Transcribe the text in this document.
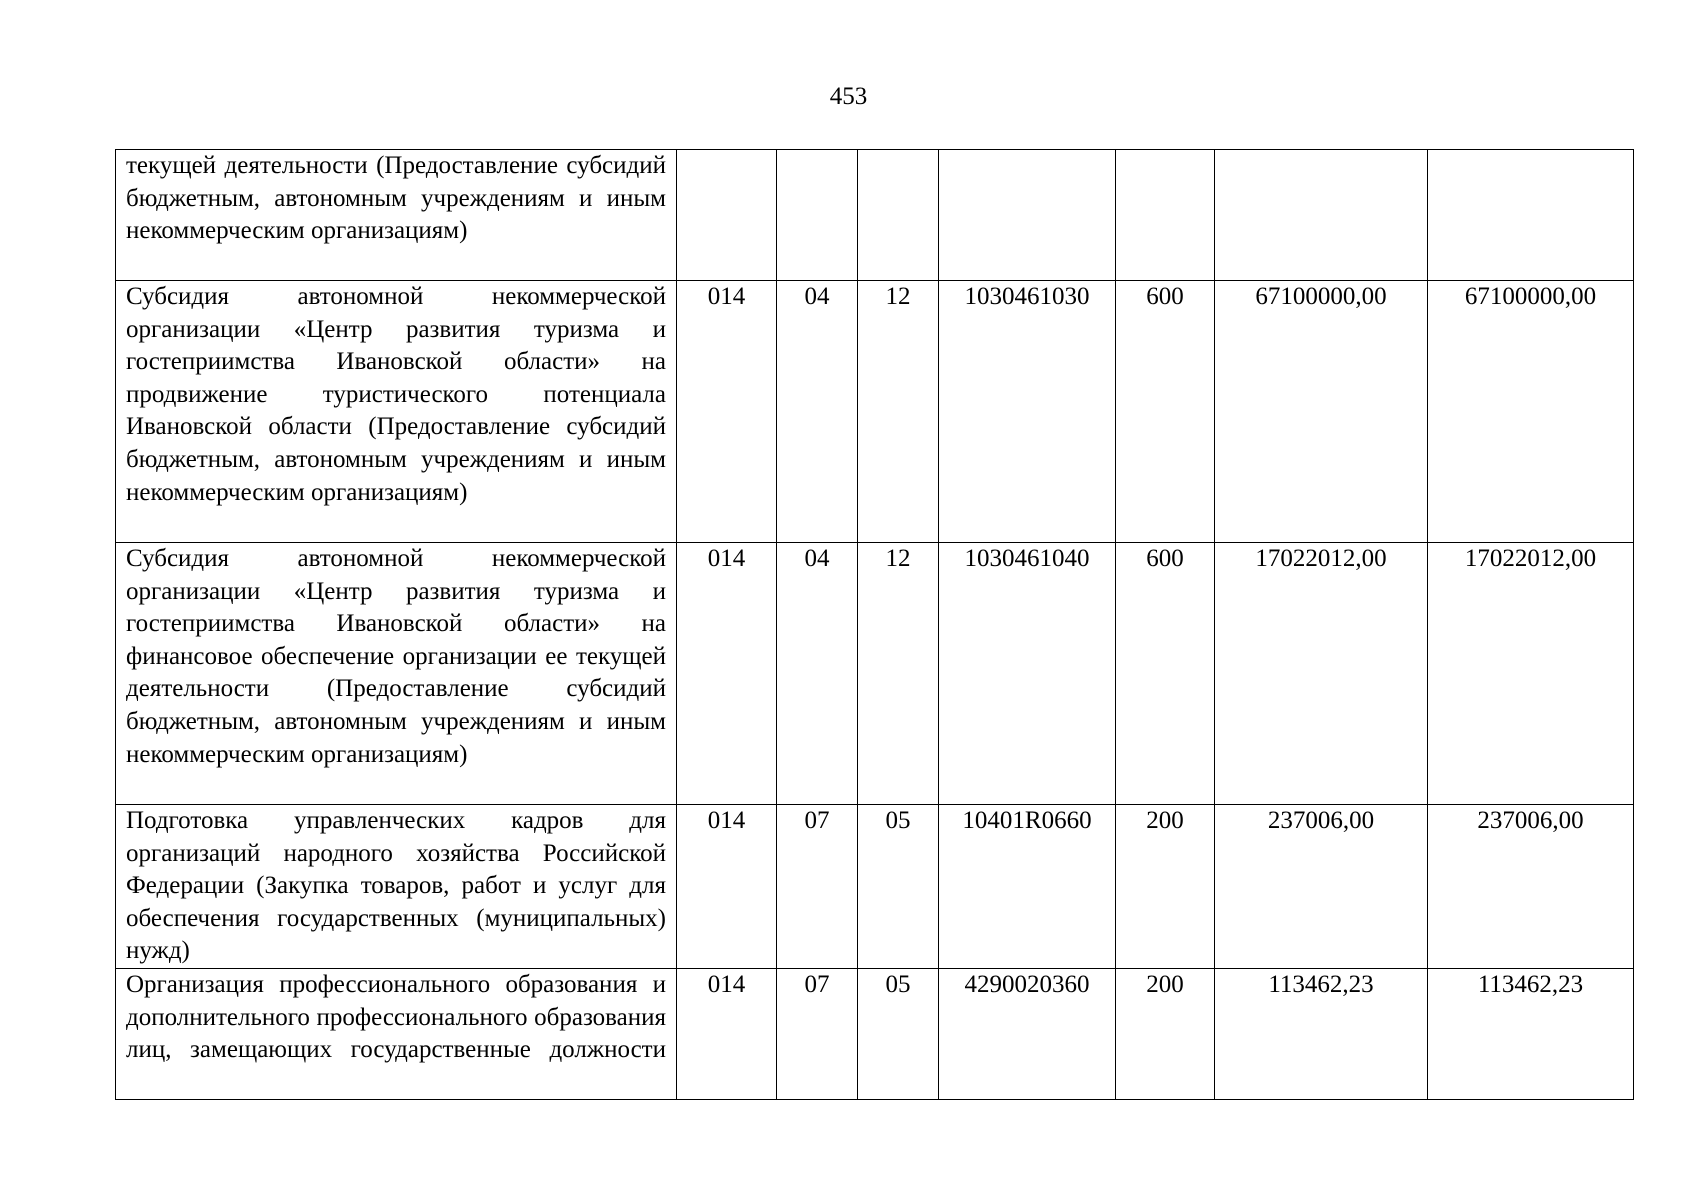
453
текущей деятельности (Предоставление субсидий бюджетным, автономным учреждениям и иным некоммерческим организациям)							
Субсидия автономной некоммерческой организации «Центр развития туризма и гостеприимства Ивановской области» на продвижение туристического потенциала Ивановской области (Предоставление субсидий бюджетным, автономным учреждениям и иным некоммерческим организациям)	014	04	12	1030461030	600	67100000,00	67100000,00
Субсидия автономной некоммерческой организации «Центр развития туризма и гостеприимства Ивановской области» на финансовое обеспечение организации ее текущей деятельности (Предоставление субсидий бюджетным, автономным учреждениям и иным некоммерческим организациям)	014	04	12	1030461040	600	17022012,00	17022012,00
Подготовка управленческих кадров для организаций народного хозяйства Российской Федерации (Закупка товаров, работ и услуг для обеспечения государственных (муниципальных) нужд)	014	07	05	10401R0660	200	237006,00	237006,00
Организация профессионального образования и дополнительного профессионального образования лиц, замещающих государственные должности	014	07	05	4290020360	200	113462,23	113462,23
